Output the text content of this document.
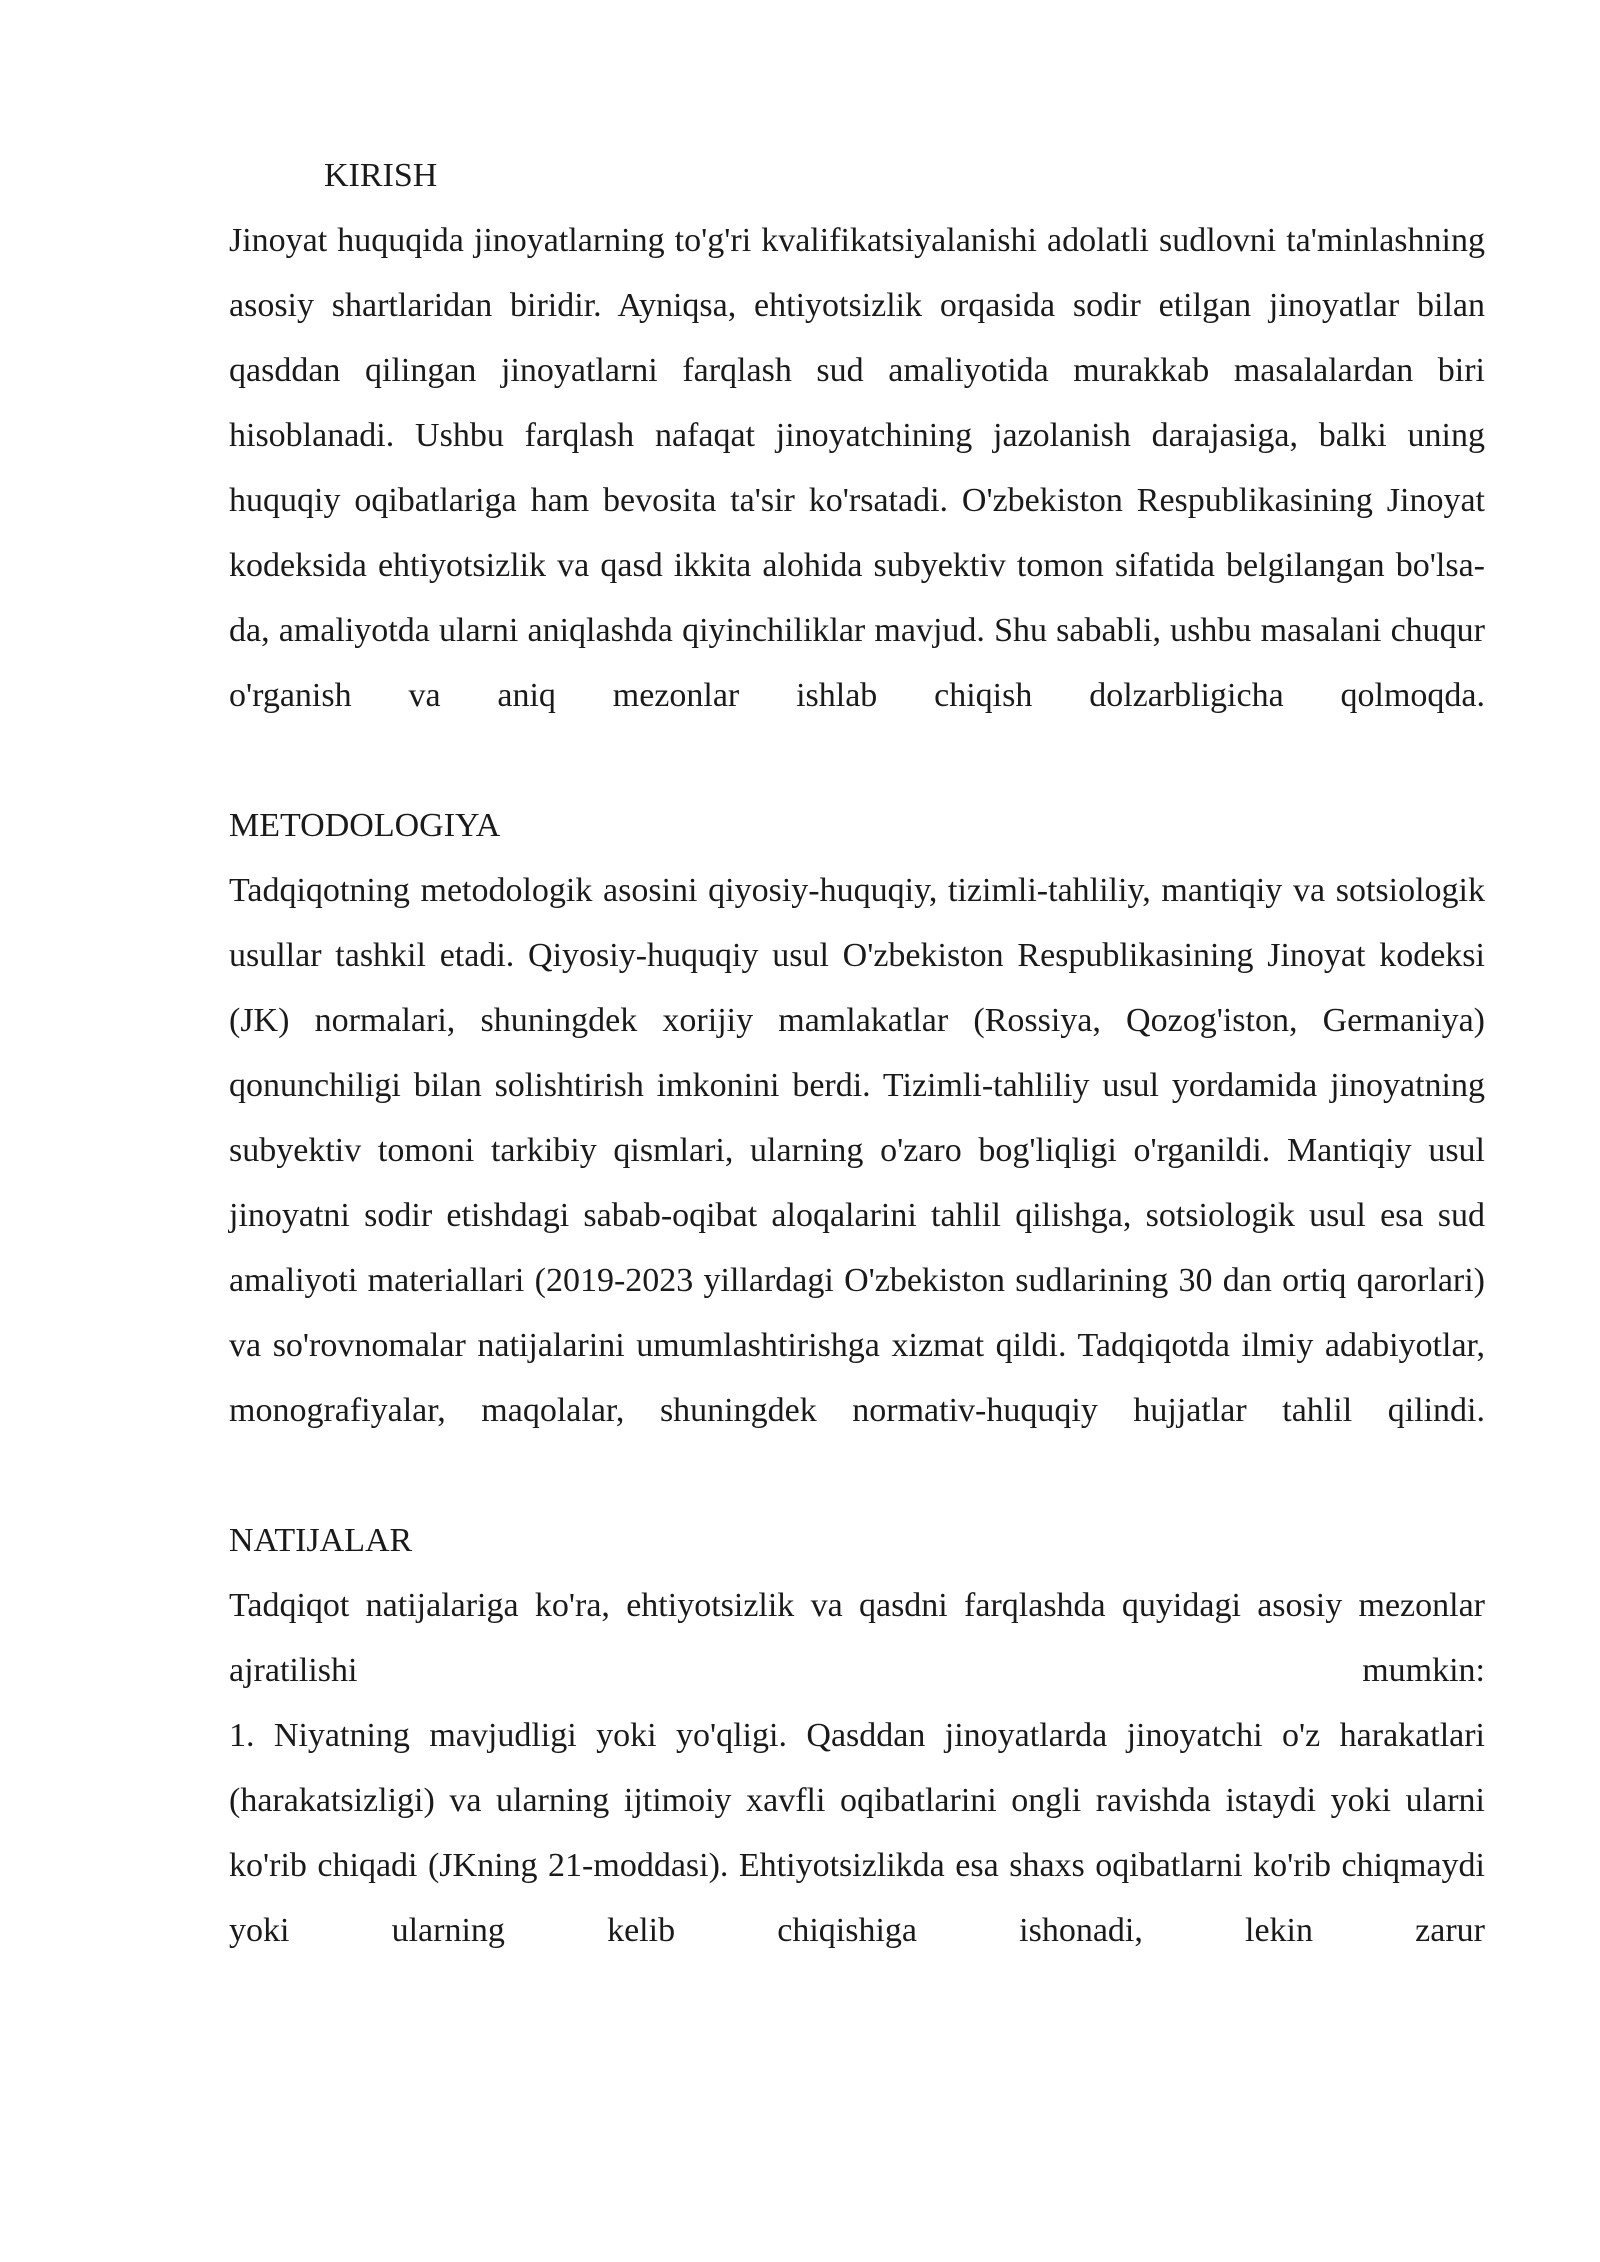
KIRISH

Jinoyat huquqida jinoyatlarning to'g'ri kvalifikatsiyalanishi adolatli sudlovni ta'minlashning asosiy shartlaridan biridir. Ayniqsa, ehtiyotsizlik orqasida sodir etilgan jinoyatlar bilan qasddan qilingan jinoyatlarni farqlash sud amaliyotida murakkab masalalardan biri hisoblanadi. Ushbu farqlash nafaqat jinoyatchining jazolanish darajasiga, balki uning huquqiy oqibatlariga ham bevosita ta'sir ko'rsatadi. O'zbekiston Respublikasining Jinoyat kodeksida ehtiyotsizlik va qasd ikkita alohida subyektiv tomon sifatida belgilangan bo'lsa-da, amaliyotda ularni aniqlashda qiyinchiliklar mavjud. Shu sababli, ushbu masalani chuqur o'rganish va aniq mezonlar ishlab chiqish dolzarbligicha qolmoqda.

METODOLOGIYA

Tadqiqotning metodologik asosini qiyosiy-huquqiy, tizimli-tahliliy, mantiqiy va sotsiologik usullar tashkil etadi. Qiyosiy-huquqiy usul O'zbekiston Respublikasining Jinoyat kodeksi (JK) normalari, shuningdek xorijiy mamlakatlar (Rossiya, Qozog'iston, Germaniya) qonunchiligi bilan solishtirish imkonini berdi. Tizimli-tahliliy usul yordamida jinoyatning subyektiv tomoni tarkibiy qismlari, ularning o'zaro bog'liqligi o'rganildi. Mantiqiy usul jinoyatni sodir etishdagi sabab-oqibat aloqalarini tahlil qilishga, sotsiologik usul esa sud amaliyoti materiallari (2019-2023 yillardagi O'zbekiston sudlarining 30 dan ortiq qarorlari) va so'rovnomalar natijalarini umumlashtirishga xizmat qildi. Tadqiqotda ilmiy adabiyotlar, monografiyalar, maqolalar, shuningdek normativ-huquqiy hujjatlar tahlil qilindi.

NATIJALAR

Tadqiqot natijalariga ko'ra, ehtiyotsizlik va qasdni farqlashda quyidagi asosiy mezonlar ajratilishi mumkin:

1. Niyatning mavjudligi yoki yo'qligi. Qasddan jinoyatlarda jinoyatchi o'z harakatlari (harakatsizligi) va ularning ijtimoiy xavfli oqibatlarini ongli ravishda istaydi yoki ularni ko'rib chiqadi (JKning 21-moddasi). Ehtiyotsizlikda esa shaxs oqibatlarni ko'rib chiqmaydi yoki ularning kelib chiqishiga ishonadi, lekin zarur
